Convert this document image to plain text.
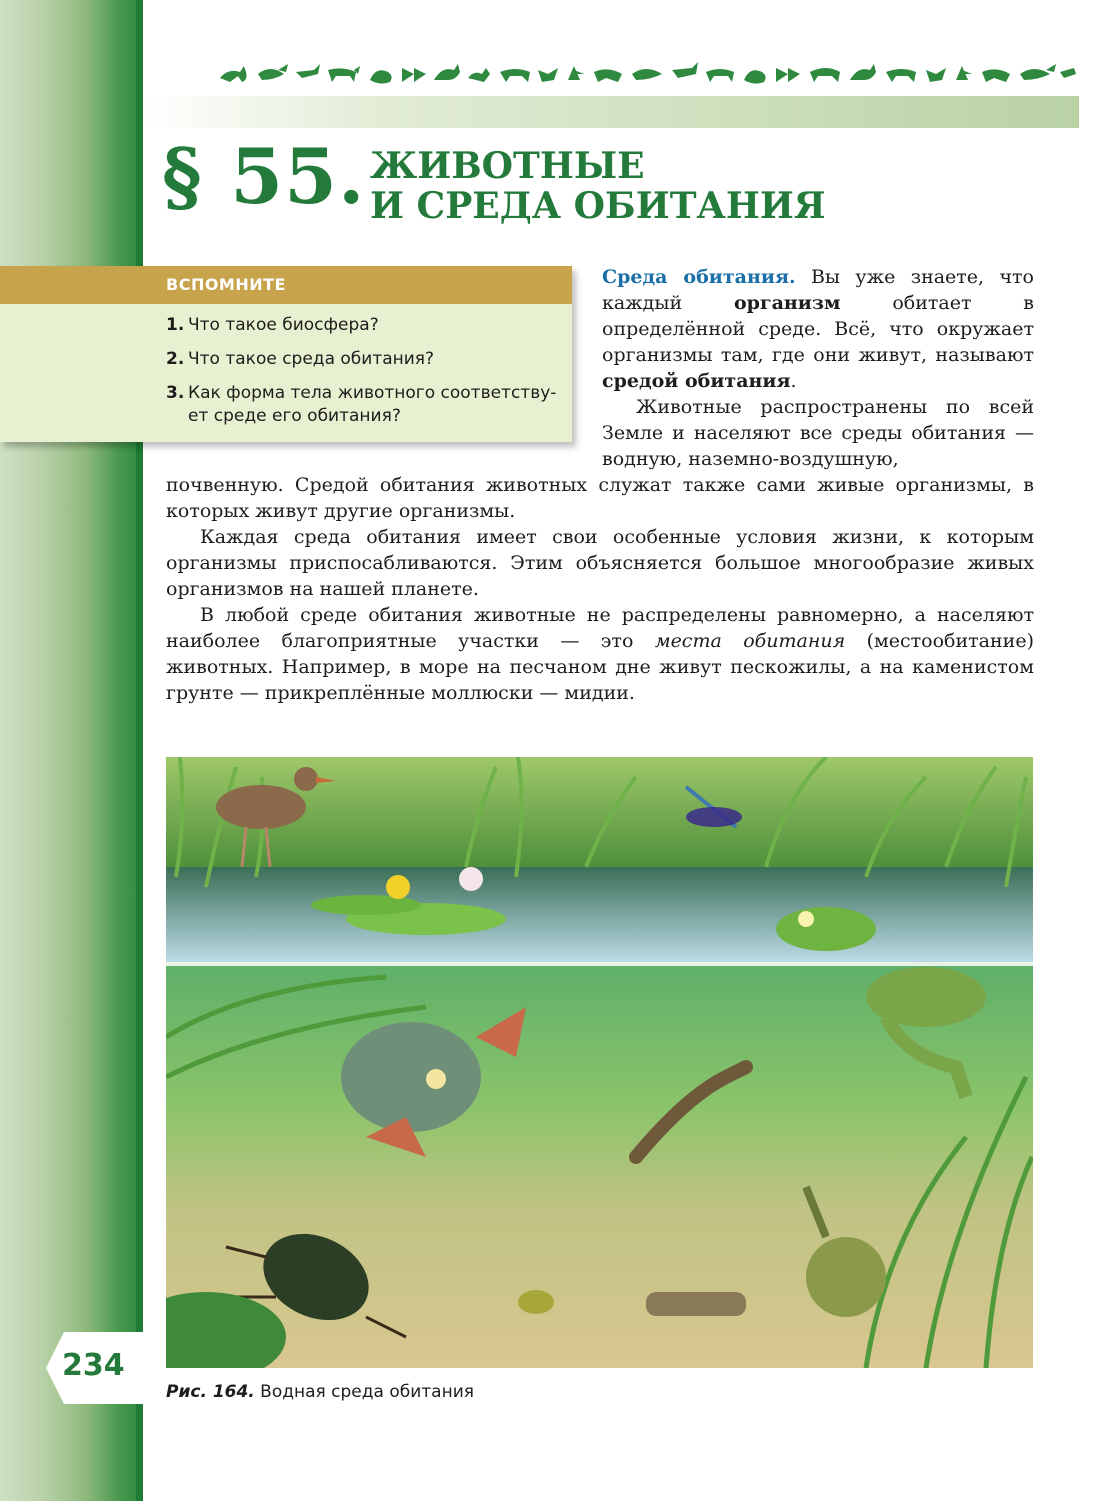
§ 55. ЖИВОТНЫЕ
И СРЕДА ОБИТАНИЯ
ВСПОМНИТЕ
1. Что такое биосфера?
2. Что такое среда обитания?
3. Как форма тела животного соответству-ет среде его обитания?

Среда обитания. Вы уже знаете, что каждый организм обитает в определённой среде. Всё, что окружает организмы там, где они живут, называют средой обитания.

Животные распространены по всей Земле и населяют все среды обитания — водную, наземно-воздушную,

почвенную. Средой обитания животных служат также сами живые организмы, в которых живут другие организмы.

Каждая среда обитания имеет свои особенные условия жизни, к которым организмы приспосабливаются. Этим объясняется большое многообразие живых организмов на нашей планете.

В любой среде обитания животные не распределены равномерно, а населяют наиболее благоприятные участки — это места обитания (местообитание) животных. Например, в море на песчаном дне живут пескожилы, а на каменистом грунте — прикреплённые моллюски — мидии.

Рис. 164. Водная среда обитания
234
